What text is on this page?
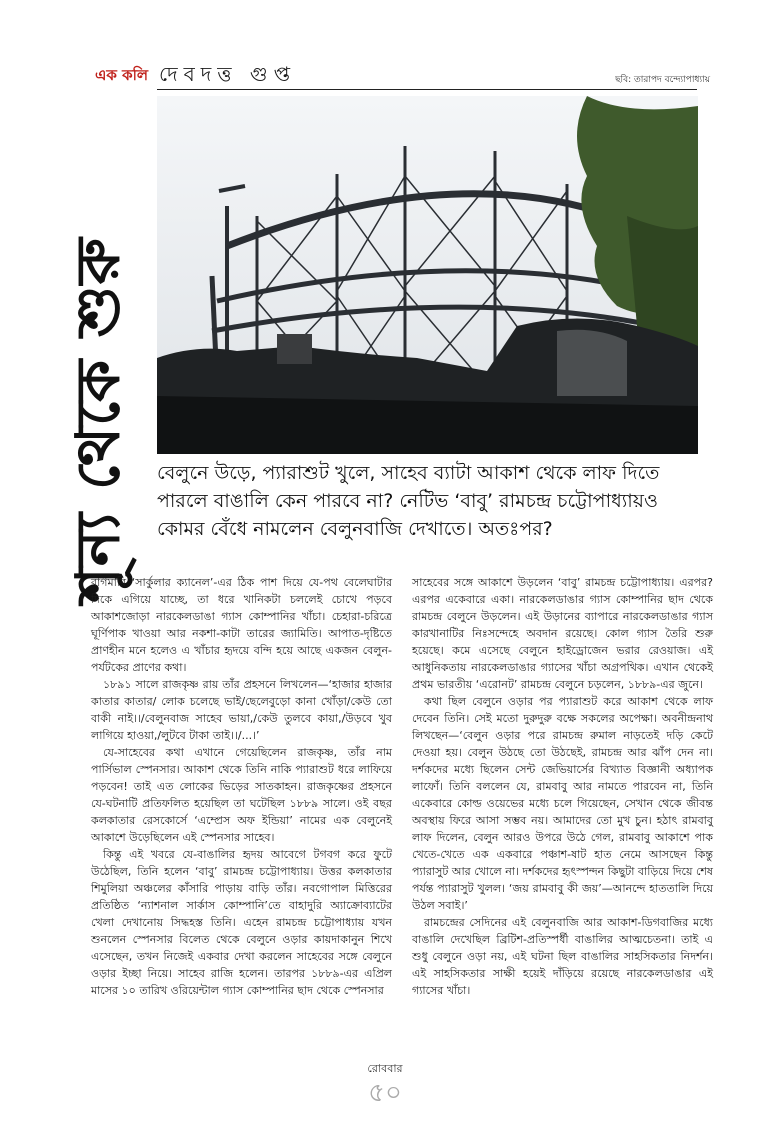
এক কলি দেবদত্ত গুপ্ত	ছবি: তারাপদ বন্দ্যোপাধ্যায়
শূন্য থেকে শুরু	বেলুনে উড়ে, প্যারাশুট খুলে, সাহেব ব্যাটা আকাশ থেকে লাফ দিতে

পারলে বাঙালি কেন পারবে না? নেটিভ ‘বাবু’ রামচন্দ্র চট্টোপাধ্যায়ও

কোমর বেঁধে নামলেন বেলুনবাজি দেখাতে। অতঃপর?

বাগমারি ‘সার্কুলার ক্যানেল’-এর ঠিক পাশ দিয়ে যে-পথ বেলেঘাটার দিকে এগিয়ে যাচ্ছে, তা ধরে খানিকটা চললেই চোখে পড়বে আকাশজোড়া নারকেলডাঙা গ্যাস কোম্পানির খাঁচা। চেহারা-চরিত্রে ঘূর্ণিপাক খাওয়া আর নকশা-কাটা তারের জ্যামিতি। আপাত-দৃষ্টিতে প্রাণহীন মনে হলেও এ খাঁচার হৃদয়ে বন্দি হয়ে আছে একজন বেলুন-পর্যটকের প্রাণের কথা।

১৮৯১ সালে রাজকৃষ্ণ রায় তাঁর প্রহসনে লিখলেন—‘হাজার হাজার কাতার কাতার/ লোক চলেছে ভাই/ছেলেবুড়ো কানা খোঁড়া/কেউ তো বাকী নাই।।/বেলুনবাজ সাহেব ভায়া,/কেউ তুলবে কায়া,/উড়বে খুব লাগিয়ে হাওয়া,/লুটবে টাকা তাই।।/...।’

যে-সাহেবের কথা এখানে গেয়েছিলেন রাজকৃষ্ণ, তাঁর নাম পার্সিভাল স্পেনসার। আকাশ থেকে তিনি নাকি প্যারাশুট ধরে লাফিয়ে পড়বেন! তাই এত লোকের ভিড়ের সাতকাহন। রাজকৃষ্ণের প্রহসনে যে-ঘটনাটি প্রতিফলিত হয়েছিল তা ঘটেছিল ১৮৮৯ সালে। ওই বছর কলকাতার রেসকোর্সে ‘এম্প্রেস অফ ইন্ডিয়া’ নামের এক বেলুনেই আকাশে উড়েছিলেন এই স্পেনসার সাহেব।

কিন্তু এই খবরে যে-বাঙালির হৃদয় আবেগে টগবগ করে ফুটে উঠেছিল, তিনি হলেন ‘বাবু’ রামচন্দ্র চট্টোপাধ্যায়। উত্তর কলকাতার শিমুলিয়া অঞ্চলের কাঁসারি পাড়ায় বাড়ি তাঁর। নবগোপাল মিত্তিরের প্রতিষ্ঠিত ‘ন্যাশনাল সার্কাস কোম্পানি’তে বাহাদুরি অ্যাক্রোব্যাটের খেলা দেখানোয় সিদ্ধহস্ত তিনি। এহেন রামচন্দ্র চট্টোপাধ্যায় যখন শুনলেন স্পেনসার বিলেত থেকে বেলুনে ওড়ার কায়দাকানুন শিখে এসেছেন, তখন নিজেই একবার দেখা করলেন সাহেবের সঙ্গে বেলুনে ওড়ার ইচ্ছা নিয়ে। সাহেব রাজি হলেন। তারপর ১৮৮৯-এর এপ্রিল মাসের ১০ তারিখ ওরিয়েন্টাল গ্যাস কোম্পানির ছাদ থেকে স্পেনসার

সাহেবের সঙ্গে আকাশে উড়লেন ‘বাবু’ রামচন্দ্র চট্টোপাধ্যায়। এরপর? এরপর একেবারে একা। নারকেলডাঙার গ্যাস কোম্পানির ছাদ থেকে রামচন্দ্র বেলুনে উড়লেন। এই উড়ানের ব্যাপারে নারকেলডাঙার গ্যাস কারখানাটির নিঃসন্দেহে অবদান রয়েছে। কোল গ্যাস তৈরি শুরু হয়েছে। কমে এসেছে বেলুনে হাইড্রোজেন ভরার রেওয়াজ। এই আধুনিকতায় নারকেলডাঙার গ্যাসের খাঁচা অগ্রপথিক। এখান থেকেই প্রথম ভারতীয় ‘এরোনট’ রামচন্দ্র বেলুনে চড়লেন, ১৮৮৯-এর জুনে।

কথা ছিল বেলুনে ওড়ার পর প্যারাশুট করে আকাশ থেকে লাফ দেবেন তিনি। সেই মতো দুরুদুরু বক্ষে সকলের অপেক্ষা। অবনীন্দ্রনাথ লিখছেন—‘বেলুন ওড়ার পরে রামচন্দ্র রুমাল নাড়তেই দড়ি কেটে দেওয়া হয়। বেলুন উঠছে তো উঠছেই, রামচন্দ্র আর ঝাঁপ দেন না। দর্শকদের মধ্যে ছিলেন সেন্ট জেভিয়ার্সের বিখ্যাত বিজ্ঞানী অধ্যাপক লাফোঁ। তিনি বললেন যে, রামবাবু আর নামতে পারবেন না, তিনি একেবারে কোল্ড ওয়েভের মধ্যে চলে গিয়েছেন, সেখান থেকে জীবন্ত অবস্থায় ফিরে আসা সম্ভব নয়। আমাদের তো মুখ চুন। হঠাৎ রামবাবু লাফ দিলেন, বেলুন আরও উপরে উঠে গেল, রামবাবু আকাশে পাক খেতে-খেতে এক একবারে পঞ্চাশ-ষাট হাত নেমে আসছেন কিন্তু প্যারাসুট আর খোলে না। দর্শকদের হৃৎস্পন্দন কিছুটা বাড়িয়ে দিয়ে শেষ পর্যন্ত প্যারাসুট খুলল। ‘জয় রামবাবু কী জয়’—আনন্দে হাততালি দিয়ে উঠল সবাই।’

রামচন্দ্রের সেদিনের এই বেলুনবাজি আর আকাশ-ডিগবাজির মধ্যে বাঙালি দেখেছিল ব্রিটিশ-প্রতিস্পর্ধী বাঙালির আত্মচেতনা। তাই এ শুধু বেলুনে ওড়া নয়, এই ঘটনা ছিল বাঙালির সাহসিকতার নিদর্শন। এই সাহসিকতার সাক্ষী হয়েই দাঁড়িয়ে রয়েছে নারকেলডাঙার এই গ্যাসের খাঁচা।

রোববার
৫০
